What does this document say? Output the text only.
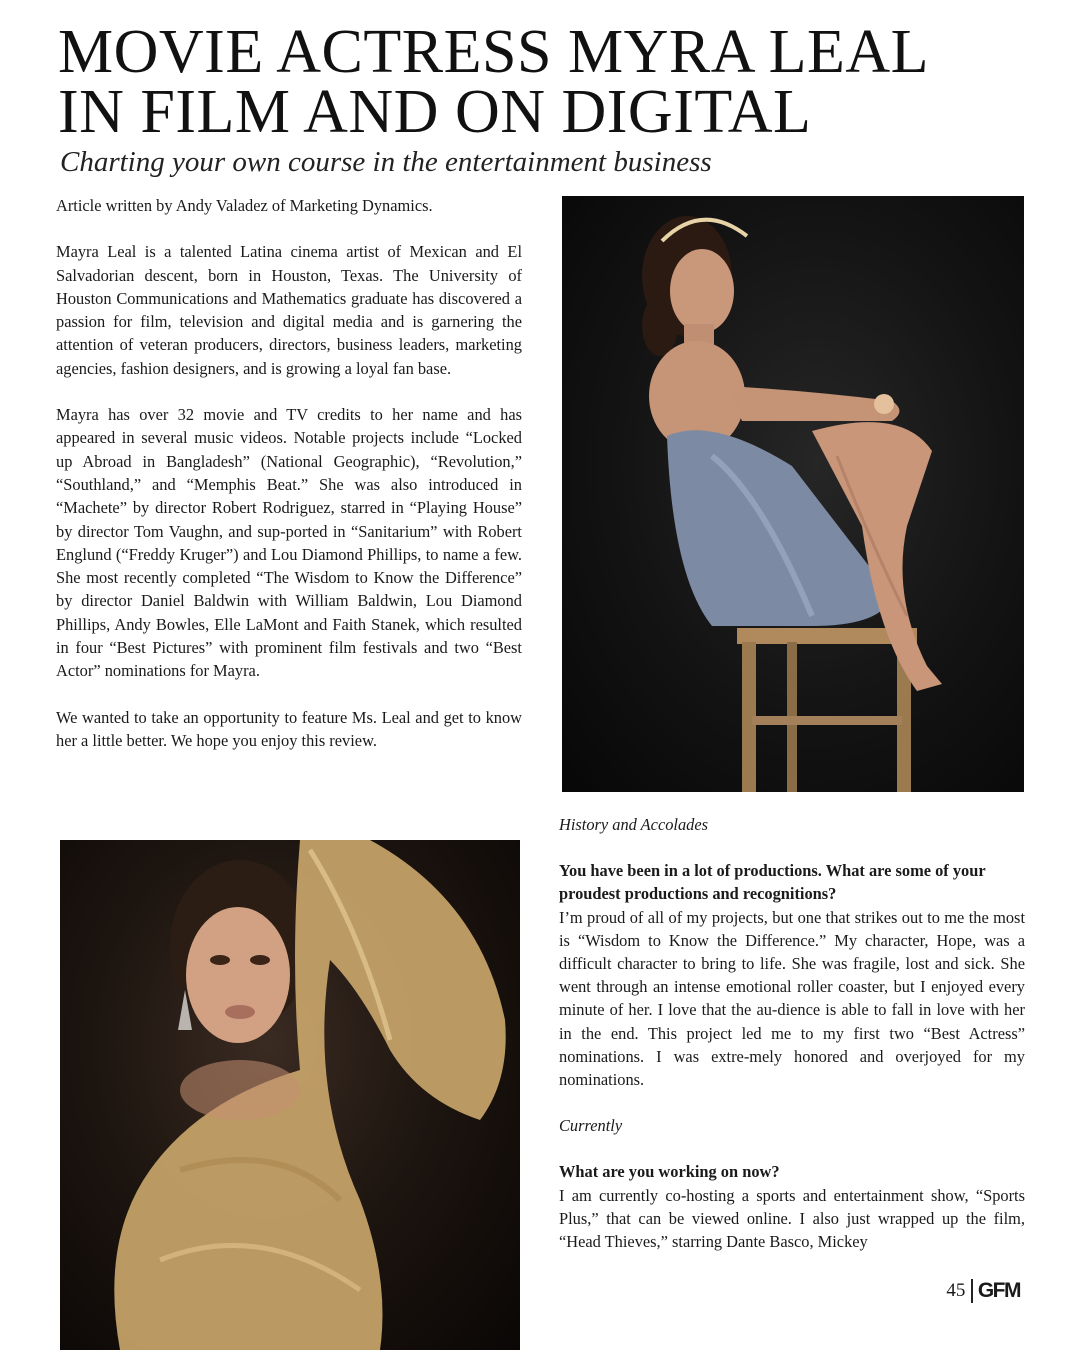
MOVIE ACTRESS MYRA LEAL
IN FILM AND ON DIGITAL
Charting your own course in the entertainment business

Article written by Andy Valadez of Marketing Dynamics.

Mayra Leal is a talented Latina cinema artist of Mexican and El Salvadorian descent, born in Houston, Texas. The University of Houston Communications and Mathematics graduate has discovered a passion for film, television and digital media and is garnering the attention of veteran producers, directors, business leaders, marketing agencies, fashion designers, and is growing a loyal fan base.

Mayra has over 32 movie and TV credits to her name and has appeared in several music videos. Notable projects include “Locked up Abroad in Bangladesh” (National Geographic), “Revolution,” “Southland,” and “Memphis Beat.” She was also introduced in “Machete” by director Robert Rodriguez, starred in “Playing House” by director Tom Vaughn, and sup-ported in “Sanitarium” with Robert Englund (“Freddy Kruger”) and Lou Diamond Phillips, to name a few. She most recently completed “The Wisdom to Know the Difference” by director Daniel Baldwin with William Baldwin, Lou Diamond Phillips, Andy Bowles, Elle LaMont and Faith Stanek, which resulted in four “Best Pictures” with prominent film festivals and two “Best Actor” nominations for Mayra.

We wanted to take an opportunity to feature Ms. Leal and get to know her a little better. We hope you enjoy this review.

History and Accolades
You have been in a lot of productions. What are some of your proudest productions and recognitions?
I’m proud of all of my projects, but one that strikes out to me the most is “Wisdom to Know the Difference.” My character, Hope, was a difficult character to bring to life. She was fragile, lost and sick. She went through an intense emotional roller coaster, but I enjoyed every minute of her. I love that the au-dience is able to fall in love with her in the end. This project led me to my first two “Best Actress” nominations. I was extre-mely honored and overjoyed for my nominations.
Currently
What are you working on now?
I am currently co-hosting a sports and entertainment show, “Sports Plus,” that can be viewed online. I also just wrapped up the film, “Head Thieves,” starring Dante Basco, Mickey
45 GFM
